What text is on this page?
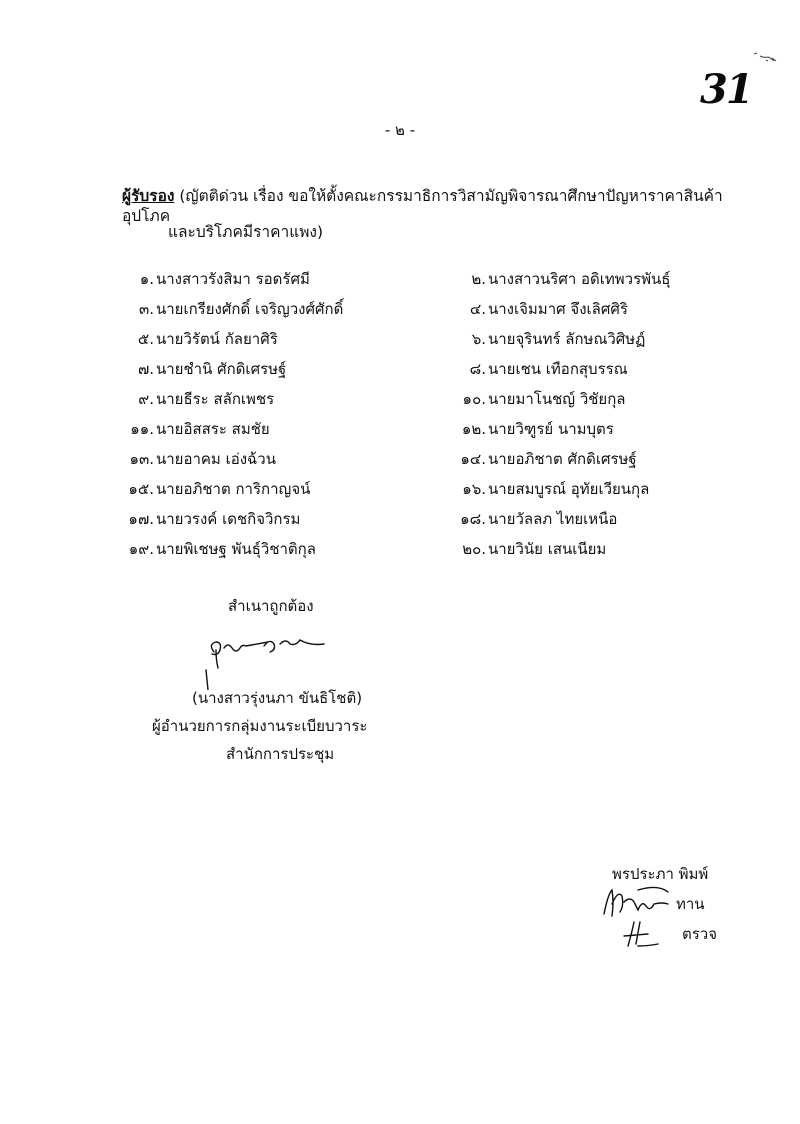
31
- ๒ -
ผู้รับรอง (ญัตติด่วน เรื่อง ขอให้ตั้งคณะกรรมาธิการวิสามัญพิจารณาศึกษาปัญหาราคาสินค้าอุปโภค
และบริโภคมีราคาแพง)
๑. นางสาวรังสิมา รอดรัศมี
๓. นายเกรียงศักดิ์ เจริญวงศ์ศักดิ์
๕. นายวิรัตน์ กัลยาศิริ
๗. นายชำนิ ศักดิเศรษฐ์
๙. นายธีระ สลักเพชร
๑๑. นายอิสสระ สมชัย
๑๓. นายอาคม เอ่งฉ้วน
๑๕. นายอภิชาต การิกาญจน์
๑๗. นายวรงค์ เดชกิจวิกรม
๑๙. นายพิเชษฐ พันธุ์วิชาติกุล
๒. นางสาวนริศา อดิเทพวรพันธุ์
๔. นางเจิมมาศ จึงเลิศศิริ
๖. นายจุรินทร์ ลักษณวิศิษฏ์
๘. นายเชน เทือกสุบรรณ
๑๐. นายมาโนชญ์ วิชัยกุล
๑๒. นายวิฑูรย์ นามบุตร
๑๔. นายอภิชาต ศักดิเศรษฐ์
๑๖. นายสมบูรณ์ อุทัยเวียนกุล
๑๘. นายวัลลภ ไทยเหนือ
๒๐. นายวินัย เสนเนียม
สำเนาถูกต้อง
(นางสาวรุ่งนภา ขันธิโชติ)
ผู้อำนวยการกลุ่มงานระเบียบวาระ
สำนักการประชุม
พรประภา พิมพ์
ทาน
ตรวจ
